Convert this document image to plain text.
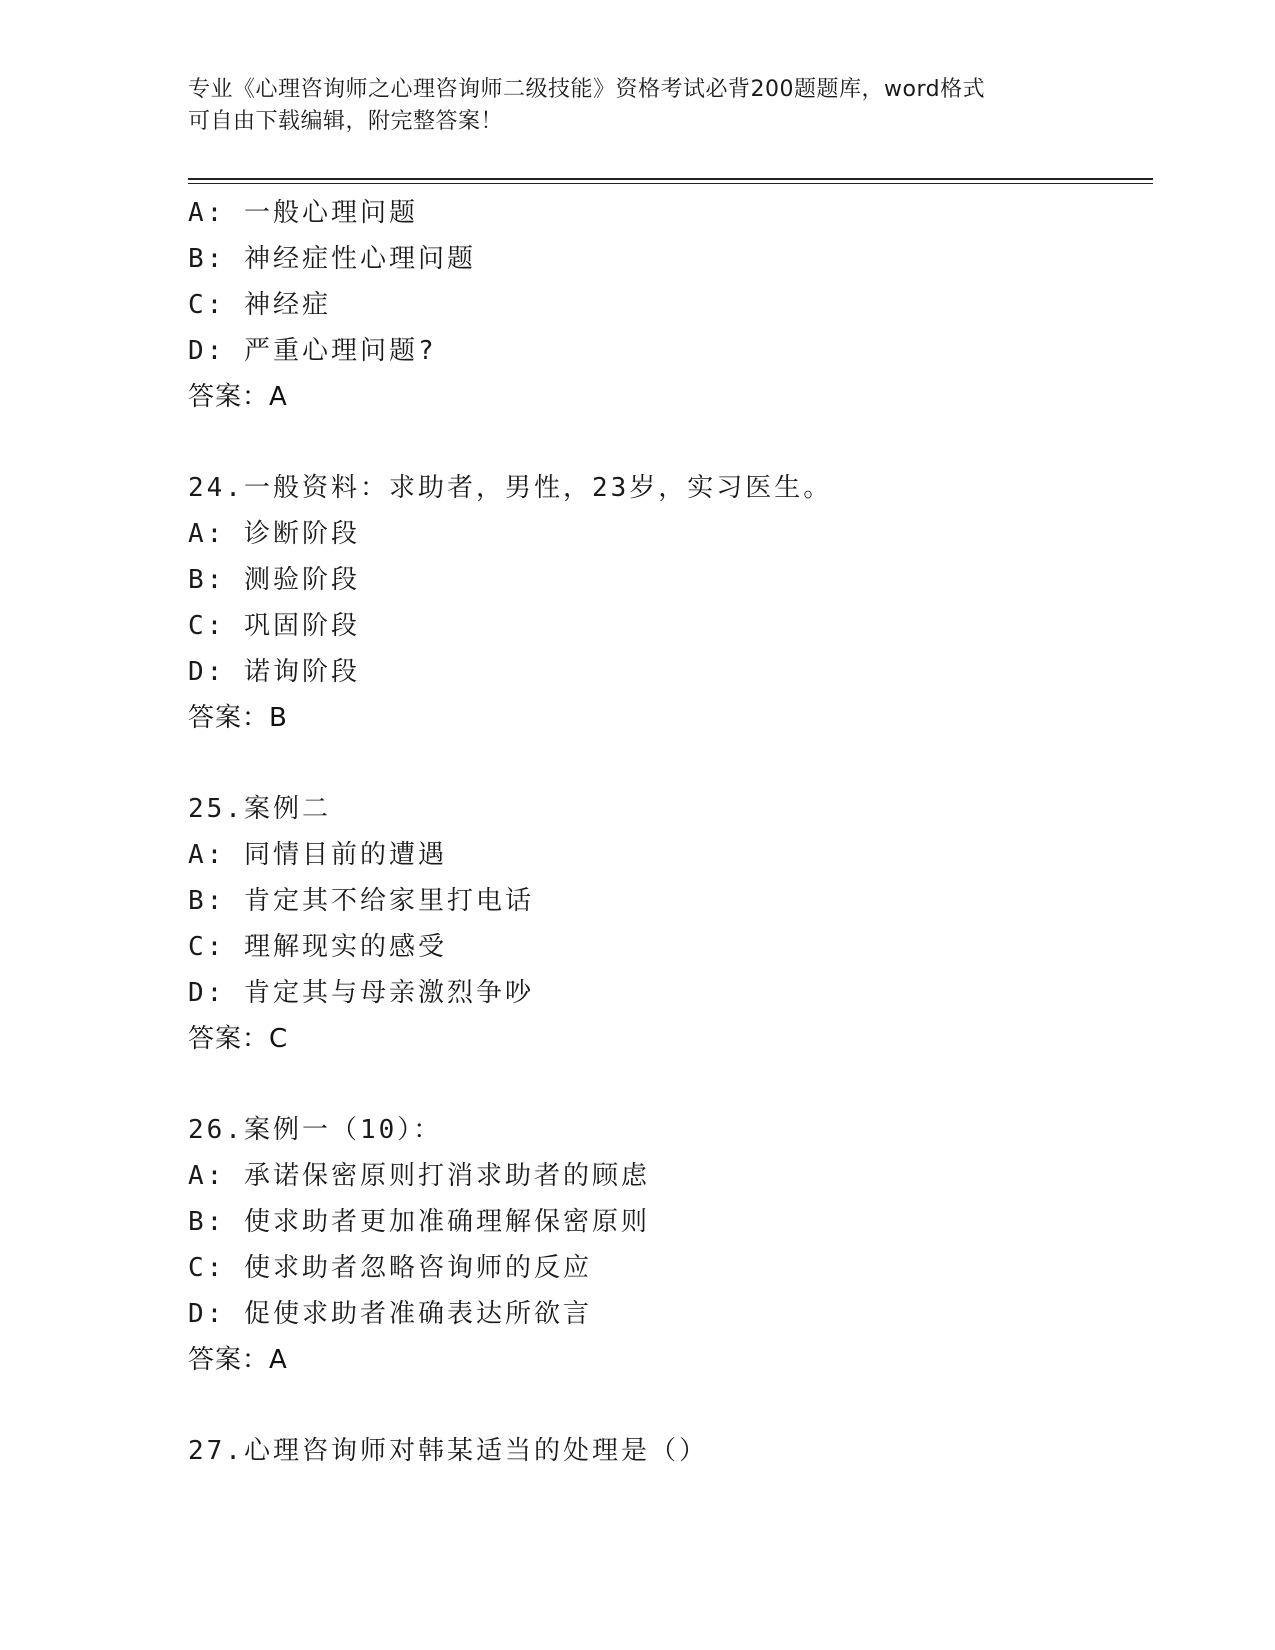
专业《心理咨询师之心理咨询师二级技能》资格考试必背200题题库，word格式
可自由下载编辑，附完整答案！
A: 一般心理问题
B: 神经症性心理问题
C: 神经症
D: 严重心理问题?
答案：A
24.一般资料：求助者，男性，23岁，实习医生。
A: 诊断阶段
B: 测验阶段
C: 巩固阶段
D: 诺询阶段
答案：B
25.案例二
A: 同情目前的遭遇
B: 肯定其不给家里打电话
C: 理解现实的感受
D: 肯定其与母亲激烈争吵
答案：C
26.案例一（10）：
A: 承诺保密原则打消求助者的顾虑
B: 使求助者更加准确理解保密原则
C: 使求助者忽略咨询师的反应
D: 促使求助者准确表达所欲言
答案：A
27.心理咨询师对韩某适当的处理是（）
